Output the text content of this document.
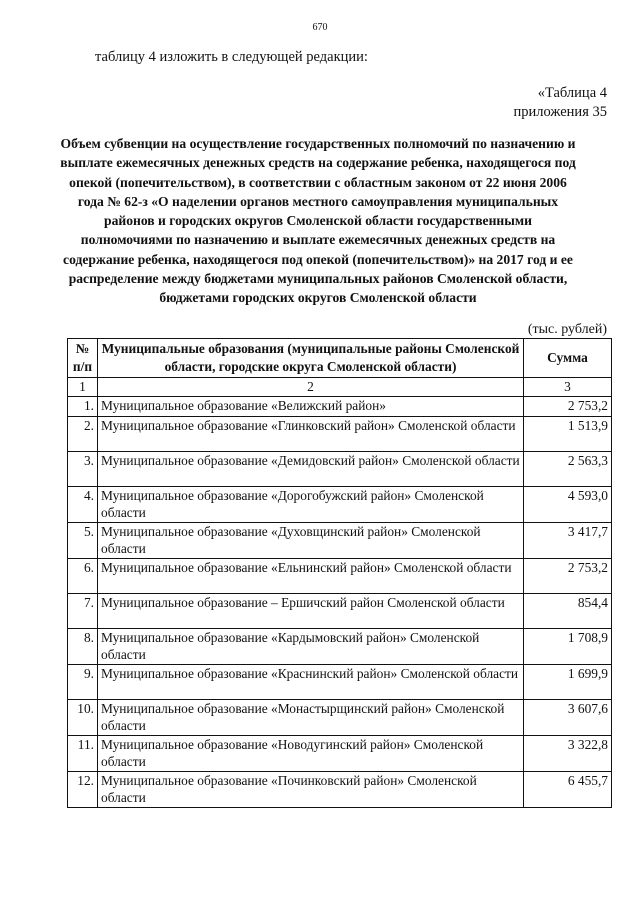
670
таблицу 4 изложить в следующей редакции:
«Таблица 4
приложения 35
Объем субвенции на осуществление государственных полномочий по назначению и выплате ежемесячных денежных средств на содержание ребенка, находящегося под опекой (попечительством), в соответствии с областным законом от 22 июня 2006 года № 62-з «О наделении органов местного самоуправления муниципальных районов и городских округов Смоленской области государственными полномочиями по назначению и выплате ежемесячных денежных средств на содержание ребенка, находящегося под опекой (попечительством)» на 2017 год и ее распределение между бюджетами муниципальных районов Смоленской области, бюджетами городских округов Смоленской области
(тыс. рублей)
№ п/п	Муниципальные образования (муниципальные районы Смоленской области, городские округа Смоленской области)	Сумма
1	2	3
1.	Муниципальное образование «Велижский район»	2 753,2
2.	Муниципальное образование «Глинковский район» Смоленской области	1 513,9
3.	Муниципальное образование «Демидовский район» Смоленской области	2 563,3
4.	Муниципальное образование «Дорогобужский район» Смоленской области	4 593,0
5.	Муниципальное образование «Духовщинский район» Смоленской области	3 417,7
6.	Муниципальное образование «Ельнинский район» Смоленской области	2 753,2
7.	Муниципальное образование – Ершичский район Смоленской области	854,4
8.	Муниципальное образование «Кардымовский район» Смоленской области	1 708,9
9.	Муниципальное образование «Краснинский район» Смоленской области	1 699,9
10.	Муниципальное образование «Монастырщинский район» Смоленской области	3 607,6
11.	Муниципальное образование «Новодугинский район» Смоленской области	3 322,8
12.	Муниципальное образование «Починковский район» Смоленской области	6 455,7
